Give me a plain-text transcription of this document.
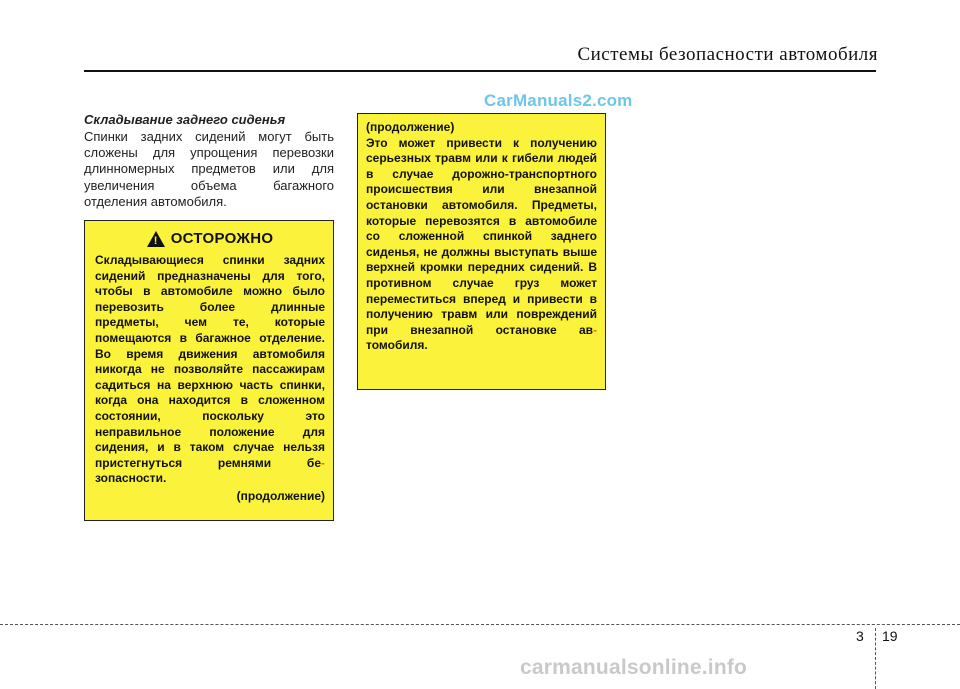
Системы безопасности автомобиля
CarManuals2.com
Складывание заднего сиденья
Спинки задних сидений могут быть сложены для упрощения перевозки длинномерных предметов или для увеличения объема багажного отделения автомобиля.
! ОСТОРОЖНО
Складывающиеся спинки задних сидений предназначены для того, чтобы в автомобиле можно было перевозить более длинные предметы, чем те, которые помещаются в багажное отделение. Во время движения автомобиля никогда не позволяйте пассажирам садиться на верхнюю часть спинки, когда она находится в сложенном состоянии, поскольку это неправильное положение для сидения, и в таком случае нельзя пристегнуться ремнями бе- зопасности.
(продолжение)
(продолжение)
Это может привести к получению серьезных травм или к гибели людей в случае дорожно-транспортного происшествия или внезапной остановки автомобиля. Предметы, которые перевозятся в автомобиле со сложенной спинкой заднего сиденья, не должны выступать выше верхней кромки передних сидений. В противном случае груз может переместиться вперед и привести в получению травм или повреждений при внезапной остановке ав- томобиля.
3 19
carmanualsonline.info
